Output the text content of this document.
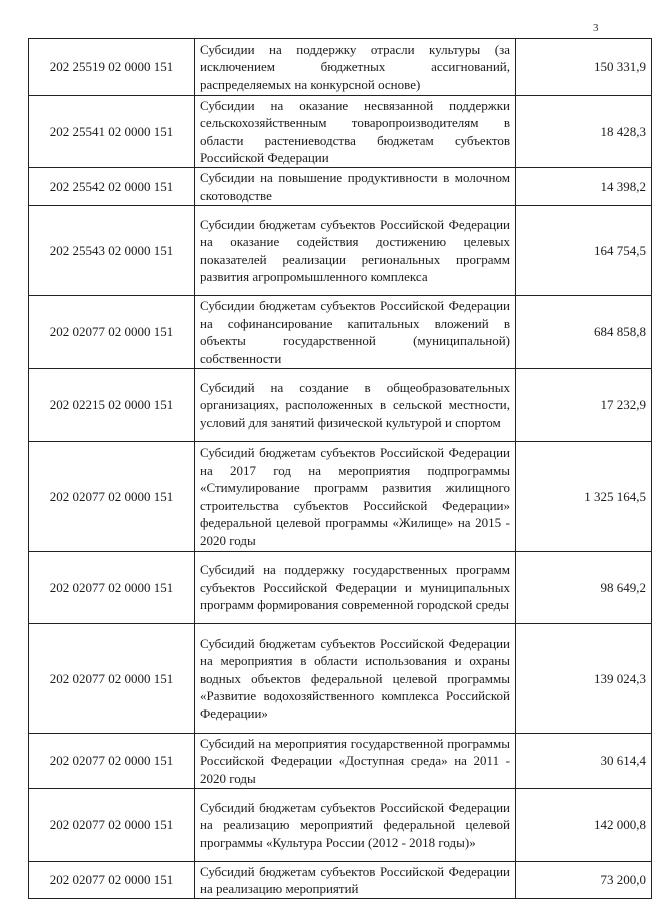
3
202 25519 02 0000 151	Субсидии на поддержку отрасли культуры (за исключением бюджетных ассигнований, распределяемых на конкурсной основе)	150 331,9
202 25541 02 0000 151	Субсидии на оказание несвязанной поддержки сельскохозяйственным товаропроизводителям в области растениеводства бюджетам субъектов Российской Федерации	18 428,3
202 25542 02 0000 151	Субсидии на повышение продуктивности в молочном скотоводстве	14 398,2
202 25543 02 0000 151	Субсидии бюджетам субъектов Российской Федерации на оказание содействия достижению целевых показателей реализации региональных программ развития агропромышленного комплекса	164 754,5
202 02077 02 0000 151	Субсидии бюджетам субъектов Российской Федерации на софинансирование капитальных вложений в объекты государственной (муниципальной) собственности	684 858,8
202 02215 02 0000 151	Субсидий на создание в общеобразовательных организациях, расположенных в сельской местности, условий для занятий физической культурой и спортом	17 232,9
202 02077 02 0000 151	Субсидий бюджетам субъектов Российской Федерации на 2017 год на мероприятия подпрограммы «Стимулирование программ развития жилищного строительства субъектов Российской Федерации» федеральной целевой программы «Жилище» на 2015 - 2020 годы	1 325 164,5
202 02077 02 0000 151	Субсидий на поддержку государственных программ субъектов Российской Федерации и муниципальных программ формирования современной городской среды	98 649,2
202 02077 02 0000 151	Субсидий бюджетам субъектов Российской Федерации на мероприятия в области использования и охраны водных объектов федеральной целевой программы «Развитие водохозяйственного комплекса Российской Федерации»	139 024,3
202 02077 02 0000 151	Субсидий на мероприятия государственной программы Российской Федерации «Доступная среда» на 2011 - 2020 годы	30 614,4
202 02077 02 0000 151	Субсидий бюджетам субъектов Российской Федерации на реализацию мероприятий федеральной целевой программы «Культура России (2012 - 2018 годы)»	142 000,8
202 02077 02 0000 151	Субсидий бюджетам субъектов Российской Федерации на реализацию мероприятий	73 200,0
